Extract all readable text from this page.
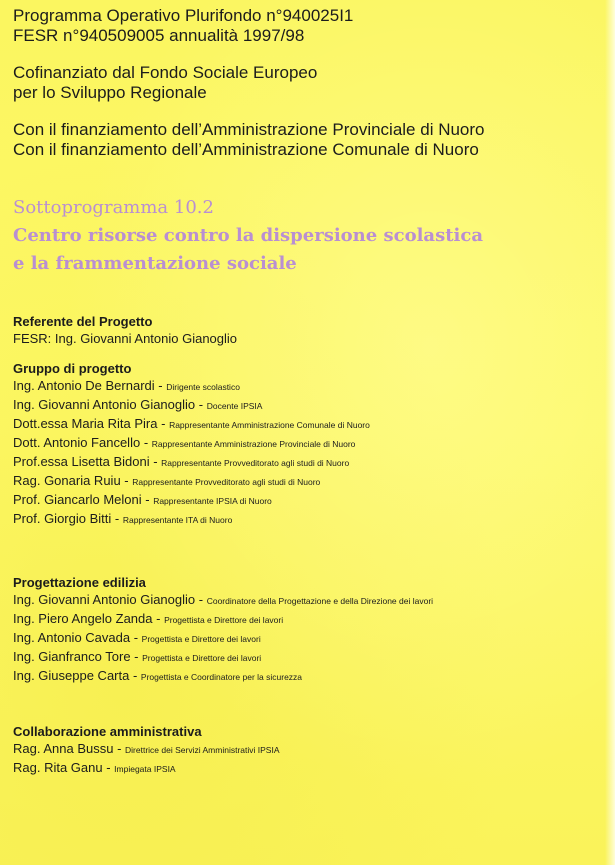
Programma Operativo Plurifondo n°940025I1
FESR n°940509005 annualità 1997/98
Cofinanziato dal Fondo Sociale Europeo
per lo Sviluppo Regionale
Con il finanziamento dell’Amministrazione Provinciale di Nuoro
Con il finanziamento dell’Amministrazione Comunale di Nuoro
Sottoprogramma 10.2
Centro risorse contro la dispersione scolastica
e la frammentazione sociale
Referente del Progetto
FESR: Ing. Giovanni Antonio Gianoglio
Gruppo di progetto
Ing. Antonio De Bernardi - Dirigente scolastico
Ing. Giovanni Antonio Gianoglio - Docente IPSIA
Dott.essa Maria Rita Pira - Rappresentante Amministrazione Comunale di Nuoro
Dott. Antonio Fancello - Rappresentante Amministrazione Provinciale di Nuoro
Prof.essa Lisetta Bidoni - Rappresentante Provveditorato agli studi di Nuoro
Rag. Gonaria Ruiu - Rappresentante Provveditorato agli studi di Nuoro
Prof. Giancarlo Meloni - Rappresentante IPSIA di Nuoro
Prof. Giorgio Bitti - Rappresentante ITA di Nuoro
Progettazione edilizia
Ing. Giovanni Antonio Gianoglio - Coordinatore della Progettazione e della Direzione dei lavori
Ing. Piero Angelo Zanda - Progettista e Direttore dei lavori
Ing. Antonio Cavada - Progettista e Direttore dei lavori
Ing. Gianfranco Tore - Progettista e Direttore dei lavori
Ing. Giuseppe Carta - Progettista e Coordinatore per la sicurezza
Collaborazione amministrativa
Rag. Anna Bussu - Direttrice dei Servizi Amministrativi IPSIA
Rag. Rita Ganu - Impiegata IPSIA
